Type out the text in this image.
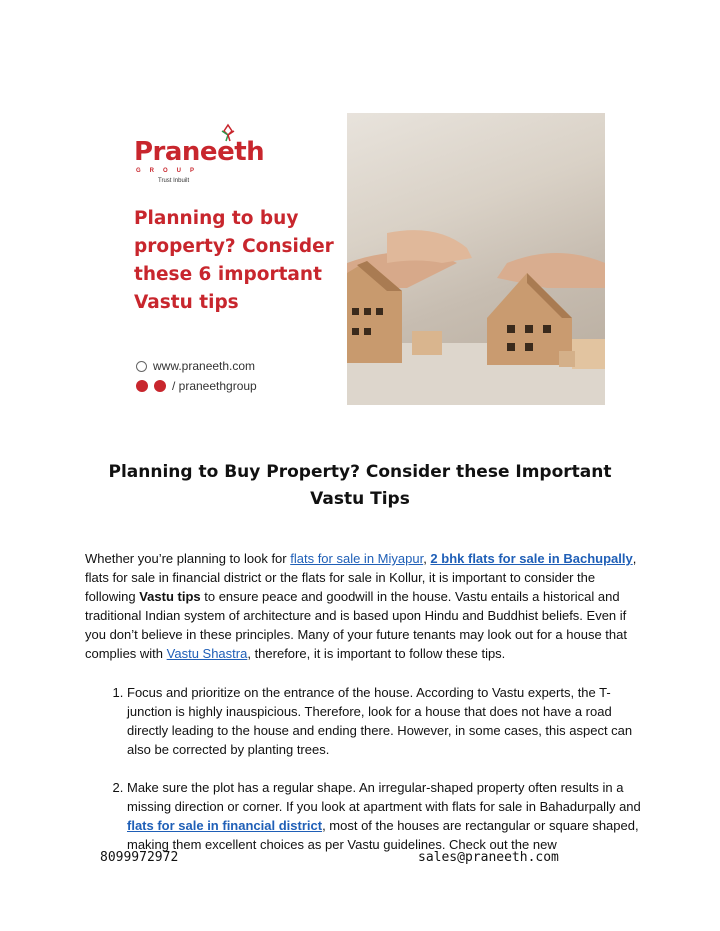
Praneeth
GROUP
Trust Inbuilt
Planning to buy property? Consider these 6 important Vastu tips
www.praneeth.com
/ praneethgroup
Planning to Buy Property? Consider these Important Vastu Tips

Whether you’re planning to look for flats for sale in Miyapur, 2 bhk flats for sale in Bachupally, flats for sale in financial district or the flats for sale in Kollur, it is important to consider the following Vastu tips to ensure peace and goodwill in the house. Vastu entails a historical and traditional Indian system of architecture and is based upon Hindu and Buddhist beliefs. Even if you don’t believe in these principles. Many of your future tenants may look out for a house that complies with Vastu Shastra, therefore, it is important to follow these tips.

1. Focus and prioritize on the entrance of the house. According to Vastu experts, the T-junction is highly inauspicious. Therefore, look for a house that does not have a road directly leading to the house and ending there. However, in some cases, this aspect can also be corrected by planting trees.
2. Make sure the plot has a regular shape. An irregular-shaped property often results in a missing direction or corner. If you look at apartment with flats for sale in Bahadurpally and flats for sale in financial district, most of the houses are rectangular or square shaped, making them excellent choices as per Vastu guidelines. Check out the new
8099972972	sales@praneeth.com
